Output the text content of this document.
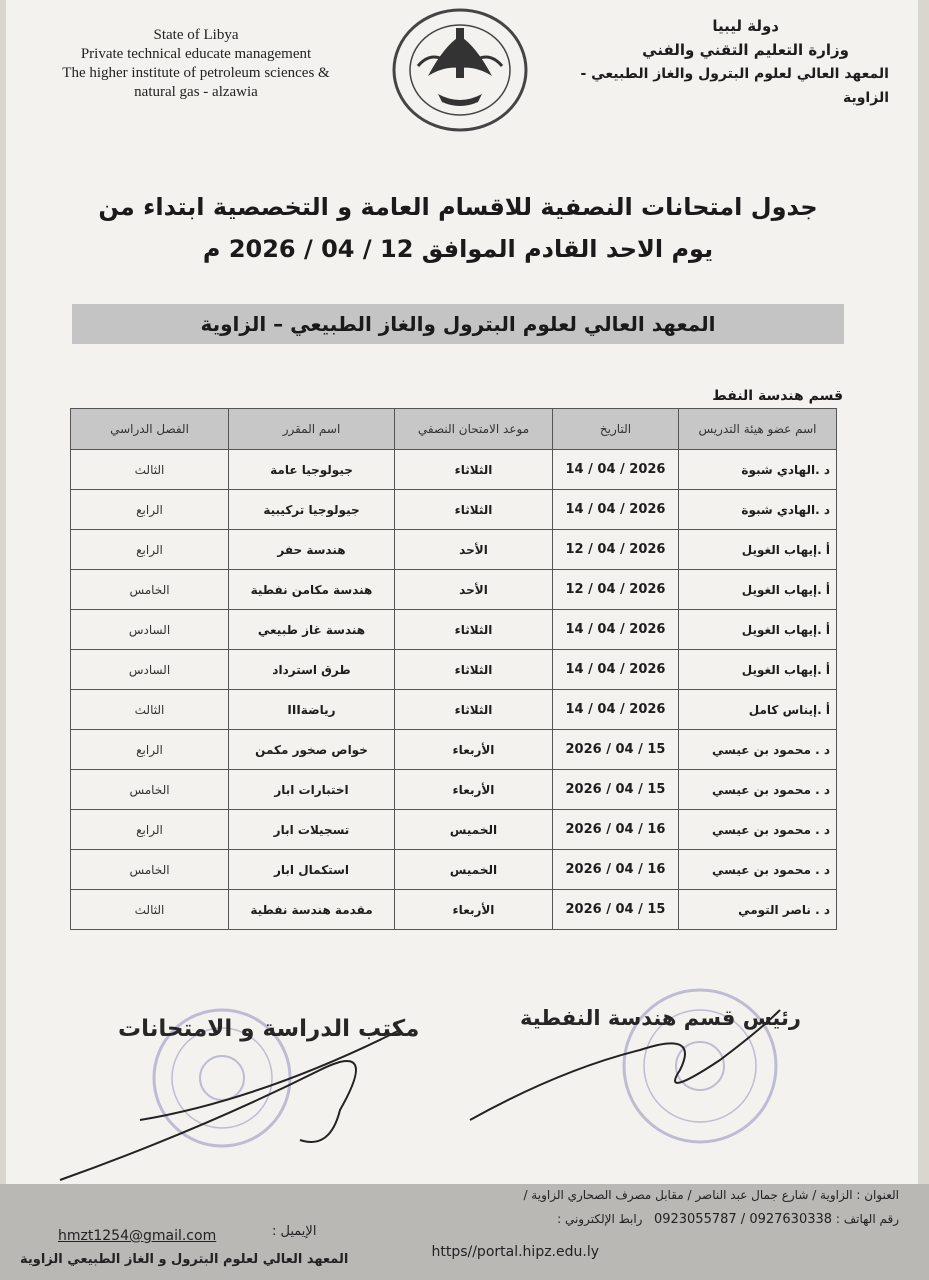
State of Libya
Private technical educate management
The higher institute of petroleum sciences &
natural gas - alzawia
دولة ليبيا
وزارة التعليم التقني والفني
المعهد العالي لعلوم البترول والغاز الطبيعي - الزاوية
جدول امتحانات النصفية للاقسام العامة و التخصصية ابتداء من
يوم الاحد القادم الموافق 12 / 04 / 2026 م
المعهد العالي لعلوم البترول والغاز الطبيعي – الزاوية
قسم هندسة النفط
اسم عضو هيئة التدريس	التاريخ	موعد الامتحان النصفي	اسم المقرر	الفصل الدراسي
د .الهادي شبوة	14 / 04 / 2026	الثلاثاء	جيولوجيا عامة	الثالث
د .الهادي شبوة	14 / 04 / 2026	الثلاثاء	جيولوجيا تركيبية	الرابع
أ .إيهاب الغويل	12 / 04 / 2026	الأحد	هندسة حفر	الرابع
أ .إيهاب الغويل	12 / 04 / 2026	الأحد	هندسة مكامن نفطية	الخامس
أ .إيهاب الغويل	14 / 04 / 2026	الثلاثاء	هندسة غاز طبيعي	السادس
أ .إيهاب الغويل	14 / 04 / 2026	الثلاثاء	طرق استرداد	السادس
أ .إيناس كامل	14 / 04 / 2026	الثلاثاء	رياضةIII	الثالث
د . محمود بن عيسي	2026 / 04 / 15	الأربعاء	خواص صخور مكمن	الرابع
د . محمود بن عيسي	2026 / 04 / 15	الأربعاء	اختبارات ابار	الخامس
د . محمود بن عيسي	2026 / 04 / 16	الخميس	تسجيلات ابار	الرابع
د . محمود بن عيسي	2026 / 04 / 16	الخميس	استكمال ابار	الخامس
د . ناصر التومي	2026 / 04 / 15	الأربعاء	مقدمة هندسة نفطية	الثالث
مكتب الدراسة و الامتحانات	رئيس قسم هندسة النفطية
العنوان : الزاوية / شارع جمال عبد الناصر / مقابل مصرف الصحاري الزاوية /
رقم الهاتف : 0927630338 / 0923055787   رابط الإلكتروني :
https//portal.hipz.edu.ly
الإيميل :
hmzt1254@gmail.com
المعهد العالي لعلوم البترول و الغاز الطبيعي الزاوية
